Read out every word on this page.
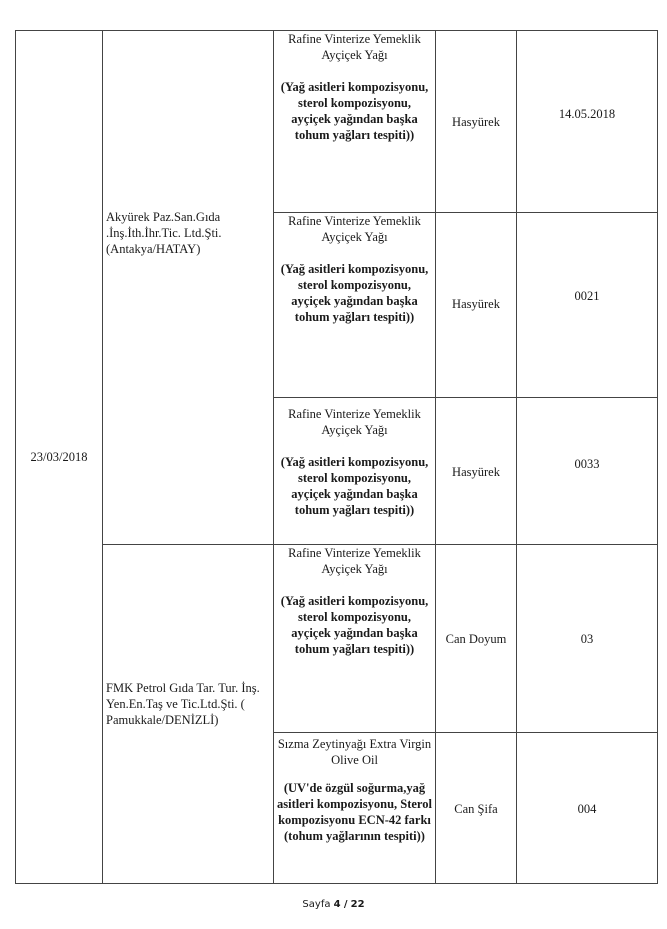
23/03/2018	Akyürek Paz.San.Gıda .İnş.İth.İhr.Tic. Ltd.Şti. (Antakya/HATAY)	Rafine Vinterize Yemeklik Ayçiçek Yağı
(Yağ asitleri kompozisyonu, sterol kompozisyonu, ayçiçek yağından başka tohum yağları tespiti))	Hasyürek	14.05.2018

		Rafine Vinterize Yemeklik Ayçiçek Yağı
(Yağ asitleri kompozisyonu, sterol kompozisyonu, ayçiçek yağından başka tohum yağları tespiti))	Hasyürek	0021

		Rafine Vinterize Yemeklik Ayçiçek Yağı
(Yağ asitleri kompozisyonu, sterol kompozisyonu, ayçiçek yağından başka tohum yağları tespiti))	Hasyürek	0033

	FMK Petrol Gıda Tar. Tur. İnş. Yen.En.Taş ve Tic.Ltd.Şti. ( Pamukkale/DENİZLİ)	Rafine Vinterize Yemeklik Ayçiçek Yağı
(Yağ asitleri kompozisyonu, sterol kompozisyonu, ayçiçek yağından başka tohum yağları tespiti))	Can Doyum	03

		Sızma Zeytinyağı Extra Virgin Olive Oil
(UV'de özgül soğurma,yağ asitleri kompozisyonu, Sterol kompozisyonu ECN-42 farkı (tohum yağlarının tespiti))	Can Şifa	004
Sayfa 4 / 22
